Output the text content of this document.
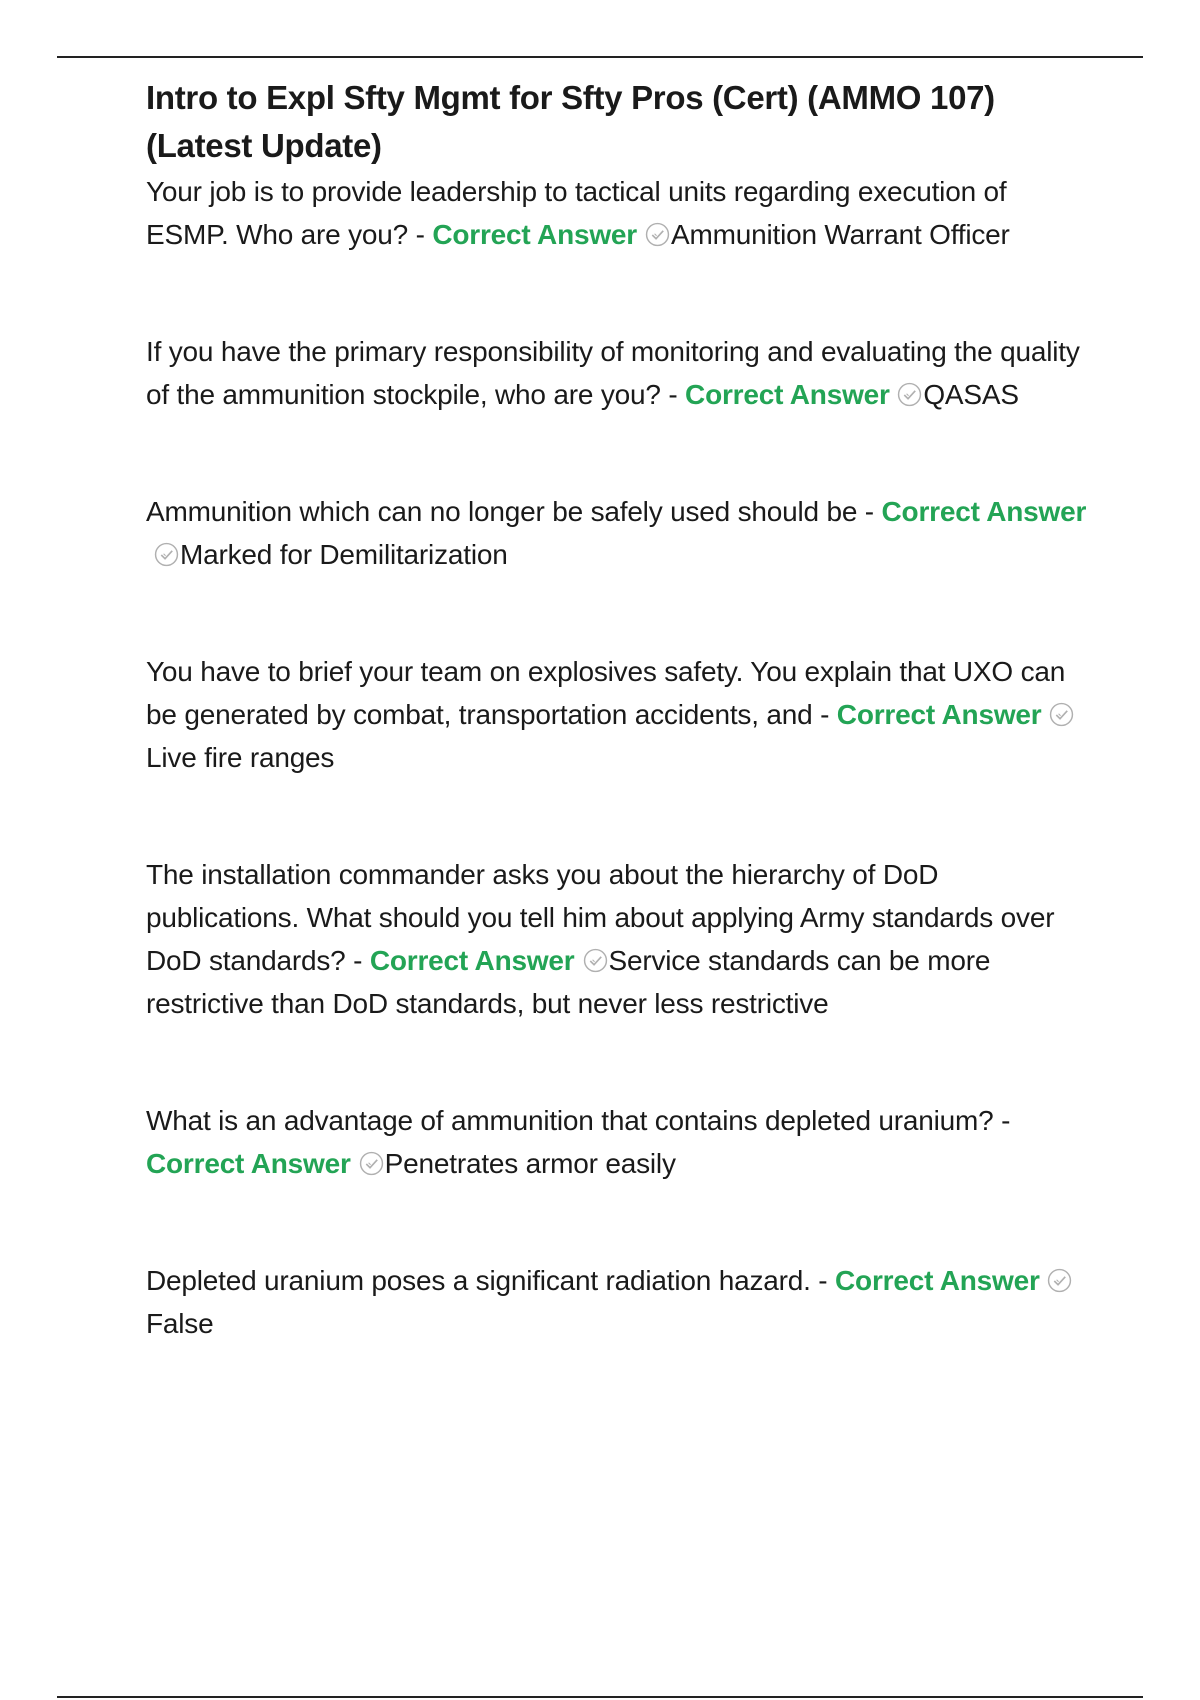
Intro to Expl Sfty Mgmt for Sfty Pros (Cert) (AMMO 107) (Latest Update)

Your job is to provide leadership to tactical units regarding execution of ESMP. Who are you? - Correct Answer Ammunition Warrant Officer

If you have the primary responsibility of monitoring and evaluating the quality of the ammunition stockpile, who are you? - Correct Answer QASAS

Ammunition which can no longer be safely used should be - Correct AnswerMarked for Demilitarization

You have to brief your team on explosives safety. You explain that UXO can be generated by combat, transportation accidents, and - Correct AnswerLive fire ranges

The installation commander asks you about the hierarchy of DoD publications. What should you tell him about applying Army standards over DoD standards? - Correct Answer Service standards can be more restrictive than DoD standards, but never less restrictive

What is an advantage of ammunition that contains depleted uranium? - Correct Answer Penetrates armor easily

Depleted uranium poses a significant radiation hazard. - Correct Answer False
